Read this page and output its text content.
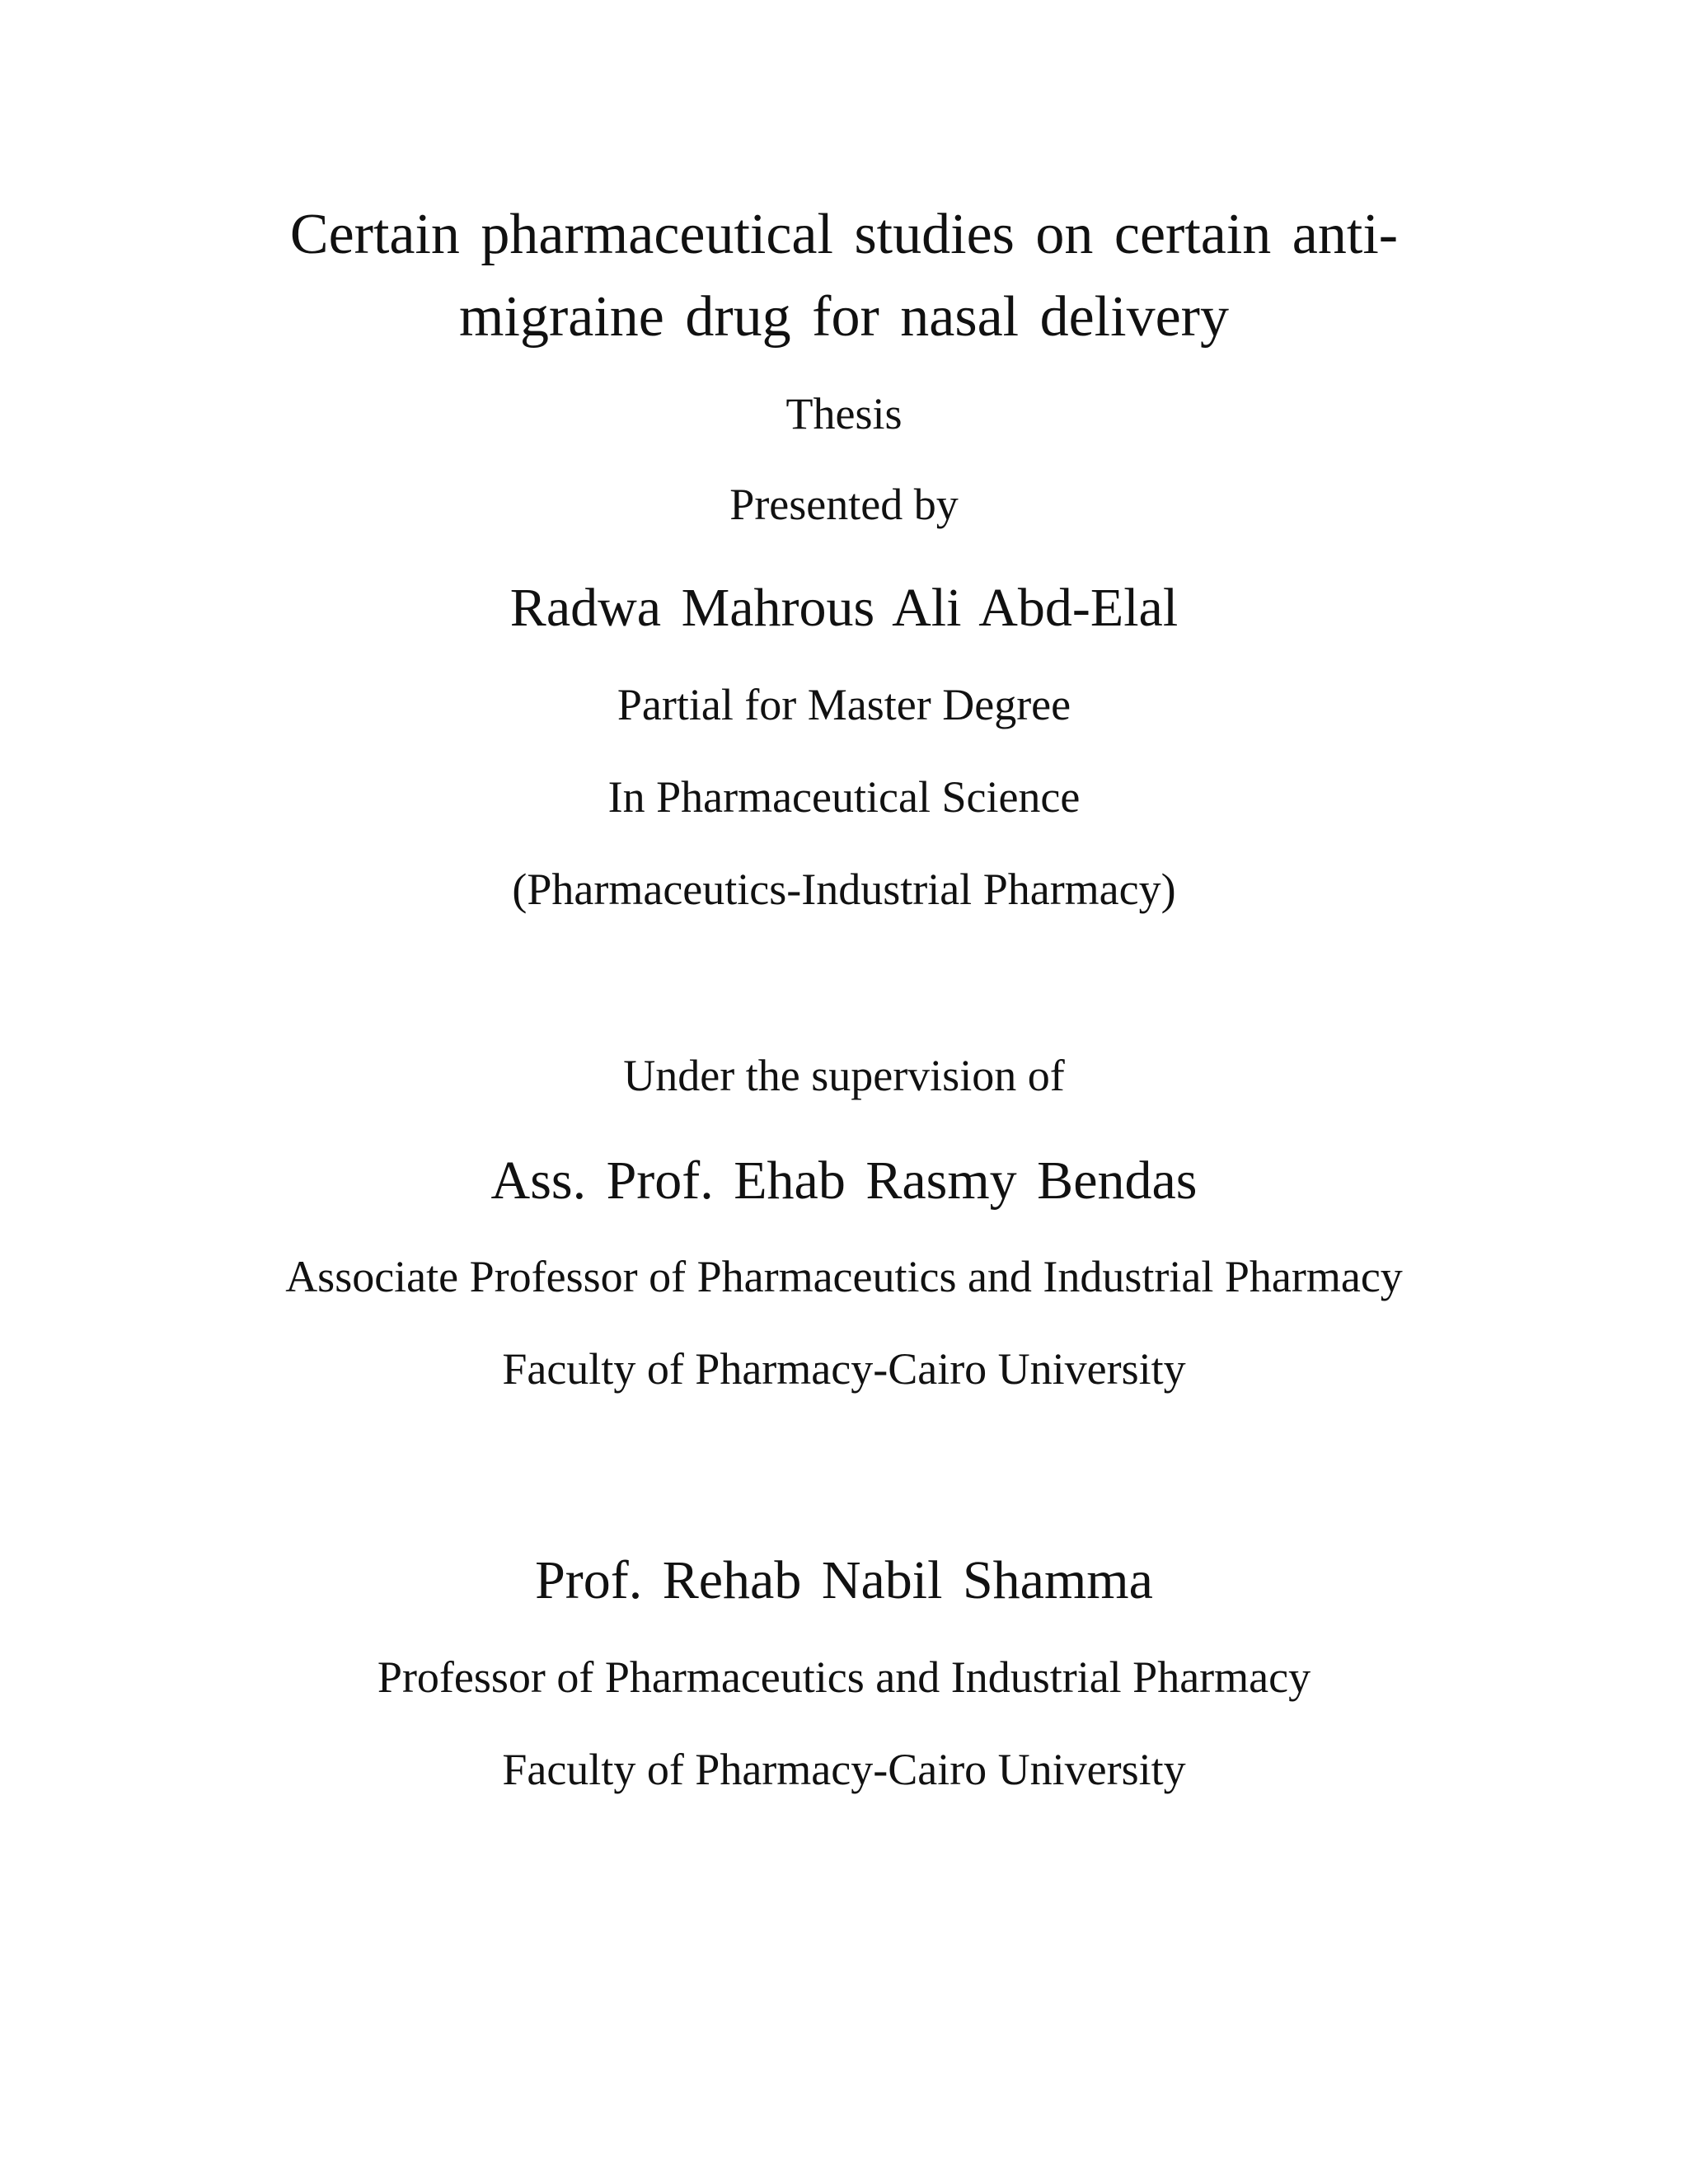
Certain pharmaceutical studies on certain anti-
migraine drug for nasal delivery
Thesis
Presented by
Radwa Mahrous Ali Abd-Elal
Partial for Master Degree
In Pharmaceutical Science
(Pharmaceutics-Industrial Pharmacy)
Under the supervision of
Ass. Prof. Ehab Rasmy Bendas
Associate Professor of Pharmaceutics and Industrial Pharmacy
Faculty of Pharmacy-Cairo University
Prof. Rehab Nabil Shamma
Professor of Pharmaceutics and Industrial Pharmacy
Faculty of Pharmacy-Cairo University
